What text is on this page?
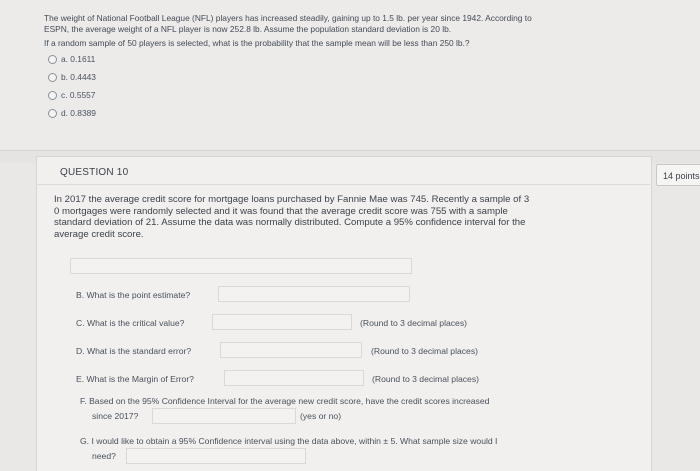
The weight of National Football League (NFL) players has increased steadily, gaining up to 1.5 lb. per year since 1942. According to
ESPN, the average weight of a NFL player is now 252.8 lb. Assume the population standard deviation is 20 lb.
If a random sample of 50 players is selected, what is the probability that the sample mean will be less than 250 lb.?
a. 0.1611
b. 0.4443
c. 0.5557
d. 0.8389
QUESTION 10	14 points
In 2017 the average credit score for mortgage loans purchased by Fannie Mae was 745. Recently a sample of 3
0 mortgages were randomly selected and it was found that the average credit score was 755 with a sample
standard deviation of 21. Assume the data was normally distributed. Compute a 95% confidence interval for the
average credit score.
B. What is the point estimate?
C. What is the critical value?	(Round to 3 decimal places)
D. What is the standard error?	(Round to 3 decimal places)
E. What is the Margin of Error?	(Round to 3 decimal places)
F. Based on the 95% Confidence Interval for the average new credit score, have the credit scores increased
since 2017?	(yes or no)
G. I would like to obtain a 95% Confidence interval using the data above, within ± 5. What sample size would I
need?
